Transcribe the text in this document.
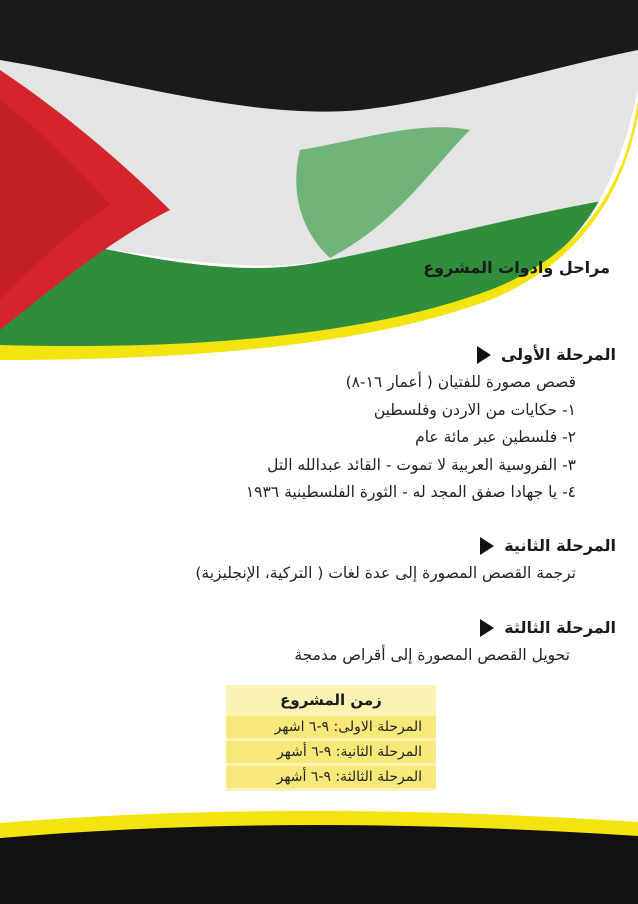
مراحل وادوات المشروع
المرحلة الأولى
قصص مصورة للفتيان ( أعمار ١٦-٨)
١- حكايات من الاردن وفلسطين
٢- فلسطين عبر مائة عام
٣- الفروسية العربية لا تموت - القائد عبدالله التل
٤- يا جهادا صفق المجد له - الثورة الفلسطينية ١٩٣٦
المرحلة الثانية
ترجمة القصص المصورة إلى عدة لغات ( التركية، الإنجليزية)
المرحلة الثالثة
تحويل القصص المصورة إلى أقراص مدمجة
زمن المشروع
المرحلة الاولى: ٩-٦ اشهر
المرحلة الثانية: ٩-٦ أشهر
المرحلة الثالثة: ٩-٦ أشهر
